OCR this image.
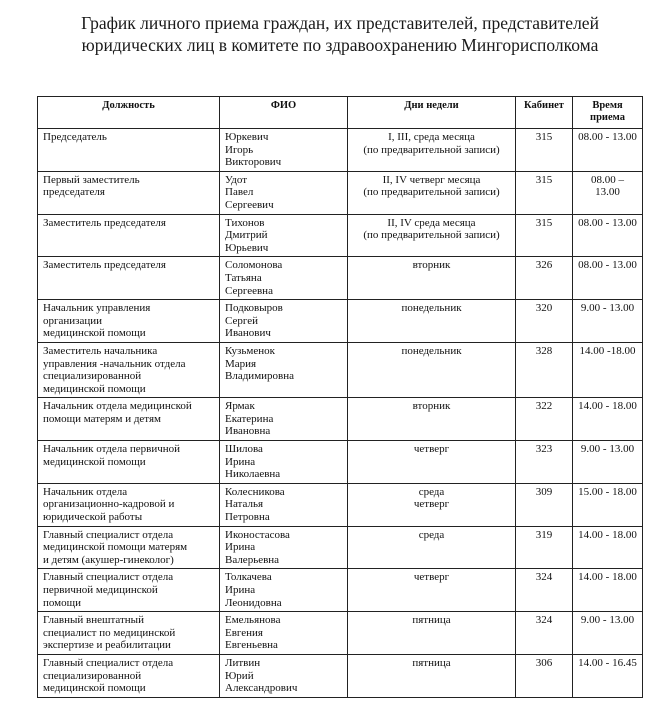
График личного приема граждан, их представителей, представителей
юридических лиц в комитете по здравоохранению Мингорисполкома
Должность	ФИО	Дни недели	Кабинет	Время приема
Председатель	Юркевич
Игорь
Викторович	I, III, среда месяца
(по предварительной записи)	315	08.00 - 13.00
Первый заместитель
председателя	Удот
Павел
Сергеевич	II, IV четверг месяца
(по предварительной записи)	315	08.00 – 13.00
Заместитель председателя	Тихонов
Дмитрий
Юрьевич	II, IV среда месяца
(по предварительной записи)	315	08.00 - 13.00
Заместитель председателя	Соломонова
Татьяна
Сергеевна	вторник	326	08.00 - 13.00
Начальник управления
организации
медицинской помощи	Подковыров
Сергей
Иванович	понедельник	320	9.00 - 13.00
Заместитель начальника
управления -начальник отдела
специализированной
медицинской помощи	Кузьменок
Мария
Владимировна	понедельник	328	14.00 -18.00
Начальник отдела медицинской
помощи матерям и детям	Ярмак
Екатерина
Ивановна	вторник	322	14.00 - 18.00
Начальник отдела первичной
медицинской помощи	Шилова
Ирина
Николаевна	четверг	323	9.00 - 13.00
Начальник отдела
организационно-кадровой и
юридической работы	Колесникова
Наталья
Петровна	среда
четверг	309	15.00 - 18.00
Главный специалист отдела
медицинской помощи матерям
и детям (акушер-гинеколог)	Иконостасова
Ирина
Валерьевна	среда	319	14.00 - 18.00
Главный специалист отдела
первичной медицинской
помощи	Толкачева
Ирина
Леонидовна	четверг	324	14.00 - 18.00
Главный внештатный
специалист по медицинской
экспертизе и реабилитации	Емельянова
Евгения
Евгеньевна	пятница	324	9.00 - 13.00
Главный специалист отдела
специализированной
медицинской помощи	Литвин
Юрий
Александрович	пятница	306	14.00 - 16.45
